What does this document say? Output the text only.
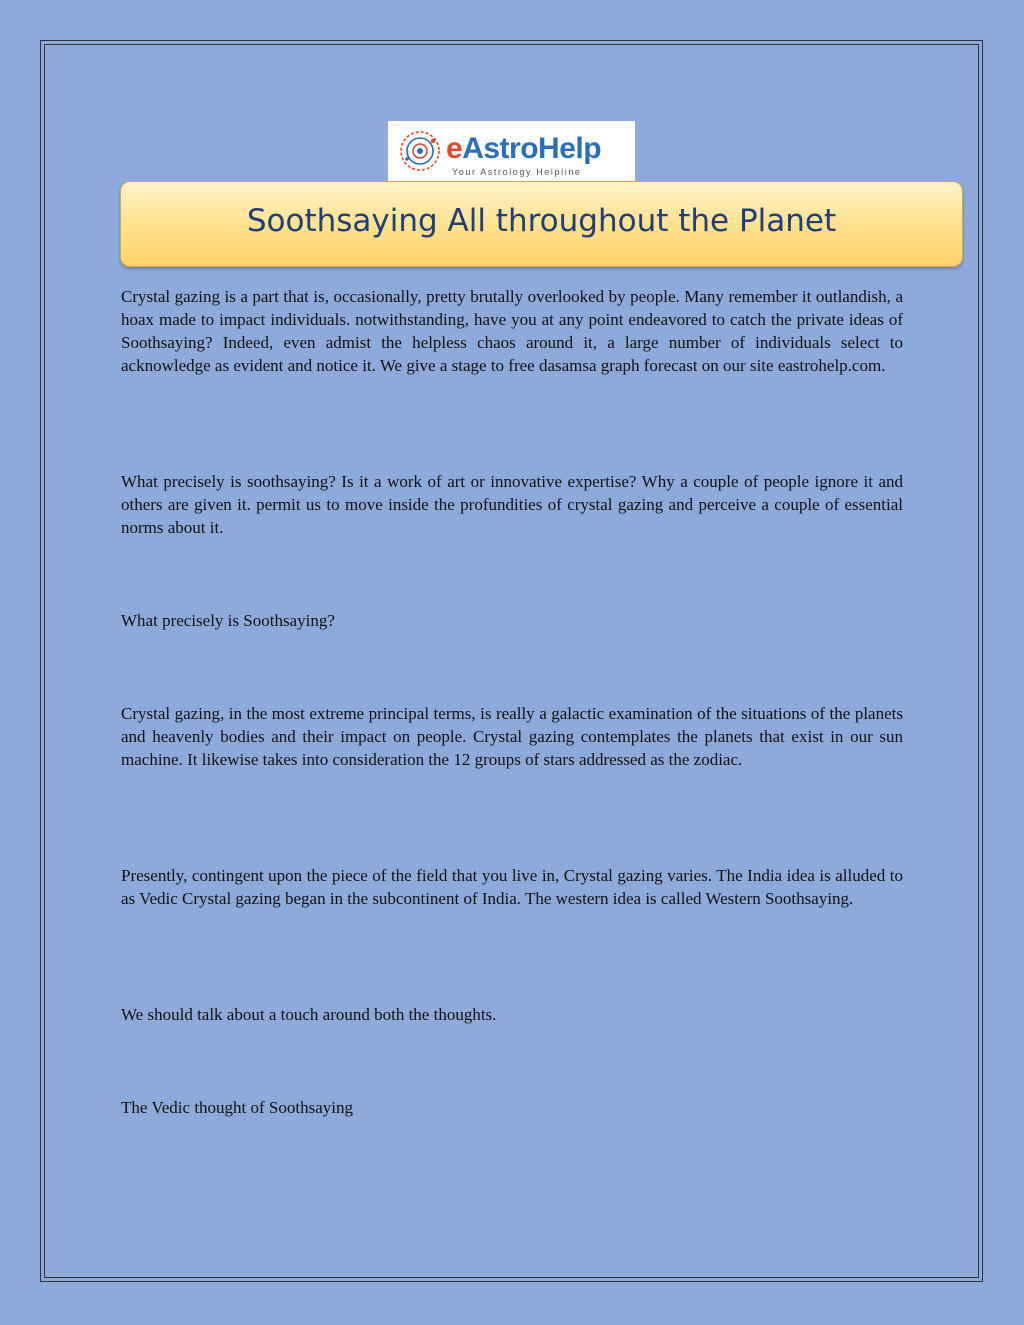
eAstroHelp
Your Astrology Helpline
Soothsaying All throughout the Planet

Crystal gazing is a part that is, occasionally, pretty brutally overlooked by people. Many remember it outlandish, a hoax made to impact individuals. notwithstanding, have you at any point endeavored to catch the private ideas of Soothsaying? Indeed, even admist the helpless chaos around it, a large number of individuals select to acknowledge as evident and notice it. We give a stage to free dasamsa graph forecast on our site eastrohelp.com.

What precisely is soothsaying? Is it a work of art or innovative expertise? Why a couple of people ignore it and others are given it. permit us to move inside the profundities of crystal gazing and perceive a couple of essential norms about it.

What precisely is Soothsaying?

Crystal gazing, in the most extreme principal terms, is really a galactic examination of the situations of the planets and heavenly bodies and their impact on people. Crystal gazing contemplates the planets that exist in our sun machine. It likewise takes into consideration the 12 groups of stars addressed as the zodiac.

Presently, contingent upon the piece of the field that you live in, Crystal gazing varies. The India idea is alluded to as Vedic Crystal gazing began in the subcontinent of India. The western idea is called Western Soothsaying.

We should talk about a touch around both the thoughts.

The Vedic thought of Soothsaying
